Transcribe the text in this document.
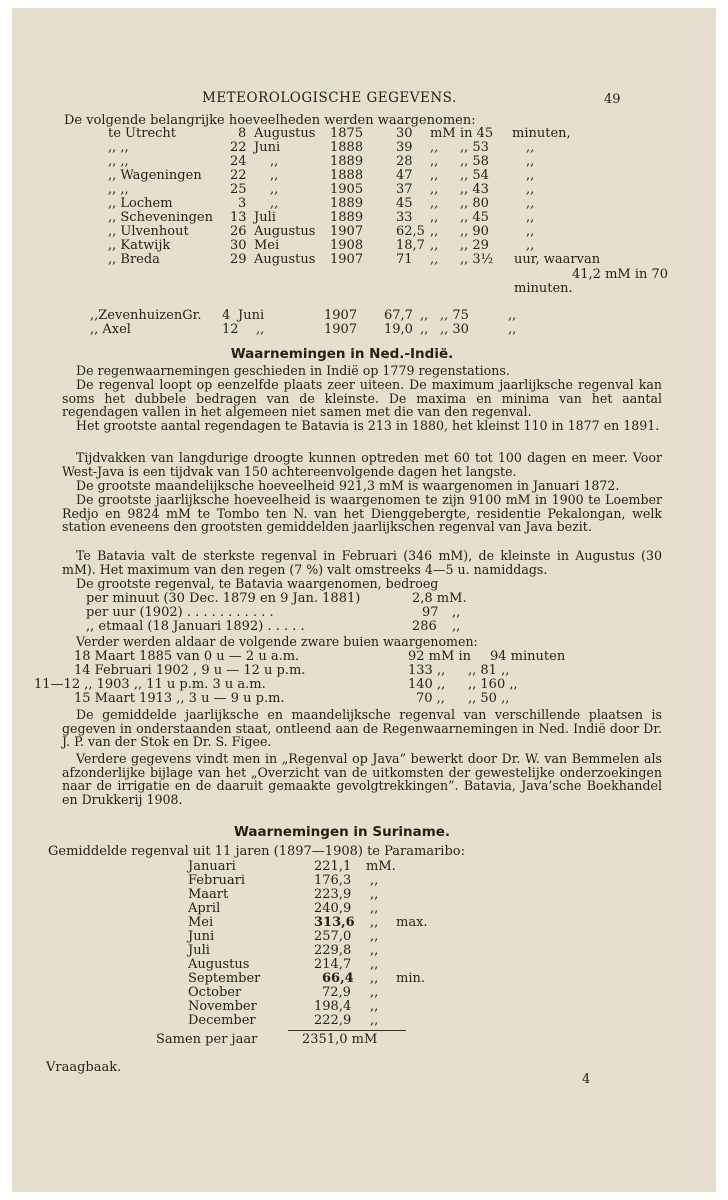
METEOROLOGISCHE GEGEVENS.	49
De volgende belangrijke hoeveelheden werden waargenomen:
te Utrecht	8 Augustus 1875	30 mM in 45 minuten,
,, ,,	22 Juni	1888	39 ,, ,, 53	,,
,, ,,	24 ,,	1889	28 ,, ,, 58	,,
,, Wageningen 22 ,,	1888	47 ,, ,, 54	,,
,, ,,	25 ,,	1905	37 ,, ,, 43	,,
,, Lochem	3 ,,	1889	45 ,, ,, 80	,,
,, Scheveningen 13 Juli	1889	33 ,, ,, 45	,,
,, Ulvenhout	26 Augustus 1907	62,5 ,, ,, 90	,,
,, Katwijk	30 Mei	1908	18,7 ,, ,, 29	,,
,, Breda	29 Augustus 1907	71 ,, ,, 3½ uur, waarvan
41,2 mM in 70
minuten.
,,ZevenhuizenGr. 4 Juni	1907 67,7 ,, ,, 75	,,
,, Axel	12 ,,	1907 19,0 ,, ,, 30	,,
Waarnemingen in Ned.-Indië.

De regenwaarnemingen geschieden in Indië op 1779 regenstations.

De regenval loopt op eenzelfde plaats zeer uiteen. De maximum jaarlijksche regenval kan soms het dubbele bedragen van de kleinste. De maxima en minima van het aantal regendagen vallen in het algemeen niet samen met die van den regenval.

Het grootste aantal regendagen te Batavia is 213 in 1880, het kleinst 110 in 1877 en 1891.

Tijdvakken van langdurige droogte kunnen optreden met 60 tot 100 dagen en meer. Voor West-Java is een tijdvak van 150 achtereenvolgende dagen het langste.

De grootste maandelijksche hoeveelheid 921,3 mM is waargenomen in Januari 1872.

De grootste jaarlijksche hoeveelheid is waargenomen te zijn 9100 mM in 1900 te Loember Redjo en 9824 mM te Tombo ten N. van het Dienggebergte, residentie Pekalongan, welk station eveneens den grootsten gemiddelden jaarlijkschen regenval van Java bezit.

Te Batavia valt de sterkste regenval in Februari (346 mM), de kleinste in Augustus (30 mM). Het maximum van den regen (7 %) valt omstreeks 4—5 u. namiddags.

De grootste regenval, te Batavia waargenomen, bedroeg

per minuut (30 Dec. 1879 en 9 Jan. 1881)	2,8 mM.
per uur (1902) . . . . . . . . . . .	97 ,,
,, etmaal (18 Januari 1892) . . . . .	286 ,,

Verder werden aldaar de volgende zware buien waargenomen:

18 Maart 1885 van 0 u — 2 u a.m.	92 mM in 94 minuten
14 Februari 1902 , 9 u — 12 u p.m.	133 ,, ,, 81 ,,
11—12 ,, 1903 ,, 11 u p.m. 3 u a.m.	140 ,, ,, 160 ,,
15 Maart 1913 ,, 3 u — 9 u p.m.	70 ,, ,, 50 ,,

De gemiddelde jaarlijksche en maandelijksche regenval van verschillende plaatsen is gegeven in onderstaanden staat, ontleend aan de Regenwaarnemingen in Ned. Indië door Dr. J. P. van der Stok en Dr. S. Figee.

Verdere gegevens vindt men in „Regenval op Java” bewerkt door Dr. W. van Bemmelen als afzonderlijke bijlage van het „Overzicht van de uitkomsten der gewestelijke onderzoekingen naar de irrigatie en de daaruit gemaakte gevolgtrekkingen”. Batavia, Java’sche Boekhandel en Drukkerij 1908.

Waarnemingen in Suriname.
Gemiddelde regenval uit 11 jaren (1897—1908) te Paramaribo:
Januari	221,1 mM.
Februari	176,3 ,,
Maart	223,9 ,,
April	240,9 ,,
Mei	313,6 ,, max.
Juni	257,0 ,,
Juli	229,8 ,,
Augustus	214,7 ,,
September	66,4 ,, min.
October	72,9 ,,
November	198,4 ,,
December	222,9 ,,
Samen per jaar	2351,0 mM
Vraagbaak.
4
